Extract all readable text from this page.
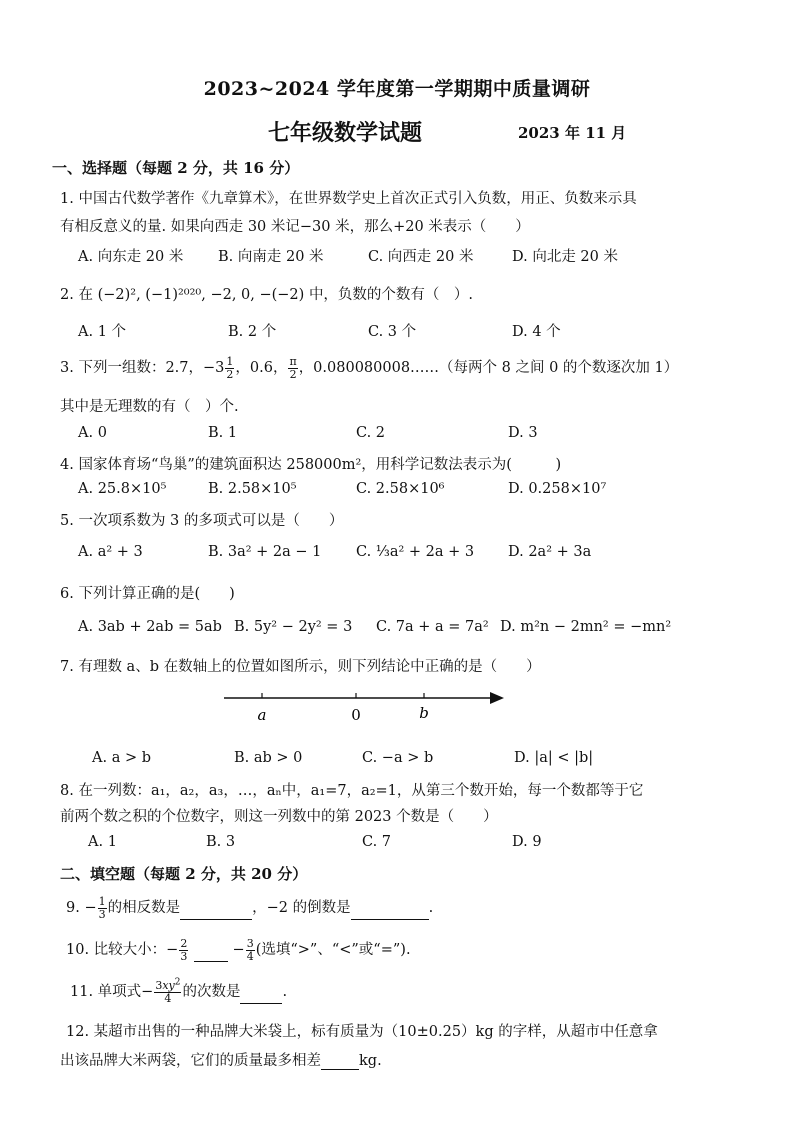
2023~2024 学年度第一学期期中质量调研
七年级数学试题	2023 年 11 月
一、选择题（每题 2 分，共 16 分）
1. 中国古代数学著作《九章算术》，在世界数学史上首次正式引入负数，用正、负数来示具
有相反意义的量. 如果向西走 30 米记−30 米，那么+20 米表示（　　）
A. 向东走 20 米 B. 向南走 20 米	C. 向西走 20 米	D. 向北走 20 米
2. 在 (−2)², (−1)²⁰²⁰, −2, 0, −(−2) 中，负数的个数有（　）.
A. 1 个	B. 2 个	C. 3 个	D. 4 个
3. 下列一组数：2.7，$-3 \frac{1}{2}$ ，0.6， $\frac{\pi}{2}$ ，0.080080008……（每两个 8 之间 0 的个数逐次加 1）
其中是无理数的有（　）个.
A. 0	B. 1	C. 2	D. 3
4. 国家体育场“鸟巢”的建筑面积达 258000m²，用科学记数法表示为(　　　)
A. 25.8×10⁵	B. 2.58×10⁵	C. 2.58×10⁶	D. 0.258×10⁷
5. 一次项系数为 3 的多项式可以是（　　）
A. a² + 3	B. 3a² + 2a − 1 C. ⅓a² + 2a + 3 D. 2a² + 3a
6. 下列计算正确的是(　　)
A. 3ab + 2ab = 5ab B. 5y² − 2y² = 3 C. 7a + a = 7a² D. m²n − 2mn² = −mn²
7. 有理数 a、b 在数轴上的位置如图所示，则下列结论中正确的是（　　）
a	0	b
A. a > b	B. ab > 0	C. −a > b	D. |a| < |b|
8. 在一列数：a₁，a₂，a₃，…，aₙ中，a₁=7，a₂=1，从第三个数开始，每一个数都等于它
前两个数之积的个位数字，则这一列数中的第 2023 个数是（　　）
A. 1	B. 3	C. 7	D. 9
二、填空题（每题 2 分，共 20 分）
9. − $\frac{1}{3}$ 的相反数是	，−2 的倒数是	.
10. 比较大小：− $\frac{2}{3}$	− $\frac{3}{4}$ (选填“>”、“<”或“=”).
11. 单项式− $\frac{3xy^2}{4}$ 的次数是	.
12. 某超市出售的一种品牌大米袋上，标有质量为（10±0.25）kg 的字样，从超市中任意拿
出该品牌大米两袋，它们的质量最多相差	kg.
